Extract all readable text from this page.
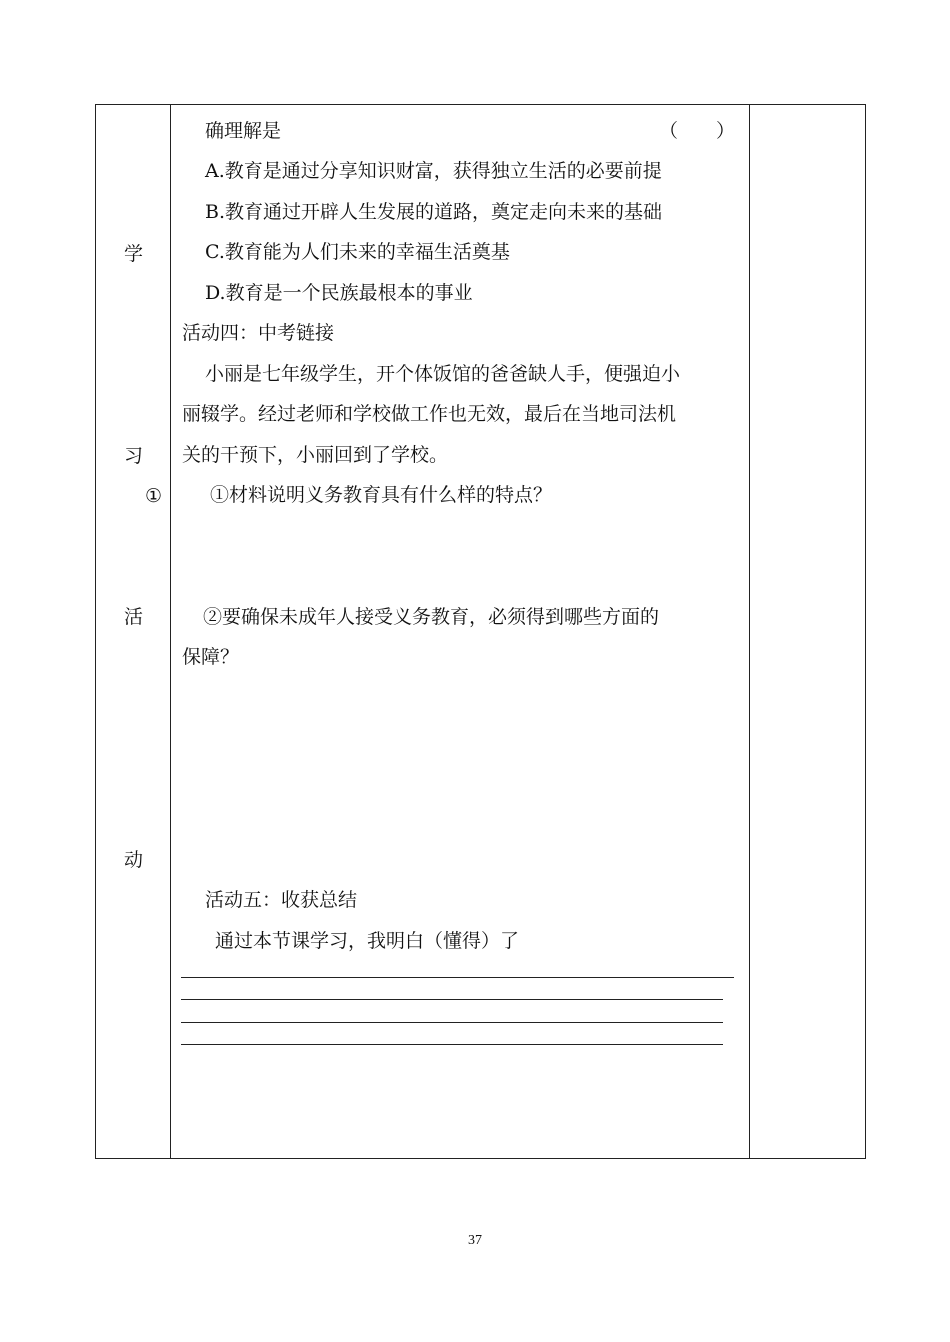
学
习
①
活
动
确理解是	（　　）
A.教育是通过分享知识财富，获得独立生活的必要前提
B.教育通过开辟人生发展的道路，奠定走向未来的基础
C.教育能为人们未来的幸福生活奠基
D.教育是一个民族最根本的事业
活动四：中考链接
小丽是七年级学生，开个体饭馆的爸爸缺人手，便强迫小
丽辍学。经过老师和学校做工作也无效，最后在当地司法机
关的干预下，小丽回到了学校。
①材料说明义务教育具有什么样的特点？
②要确保未成年人接受义务教育，必须得到哪些方面的
保障？
活动五：收获总结
通过本节课学习，我明白（懂得）了
37
